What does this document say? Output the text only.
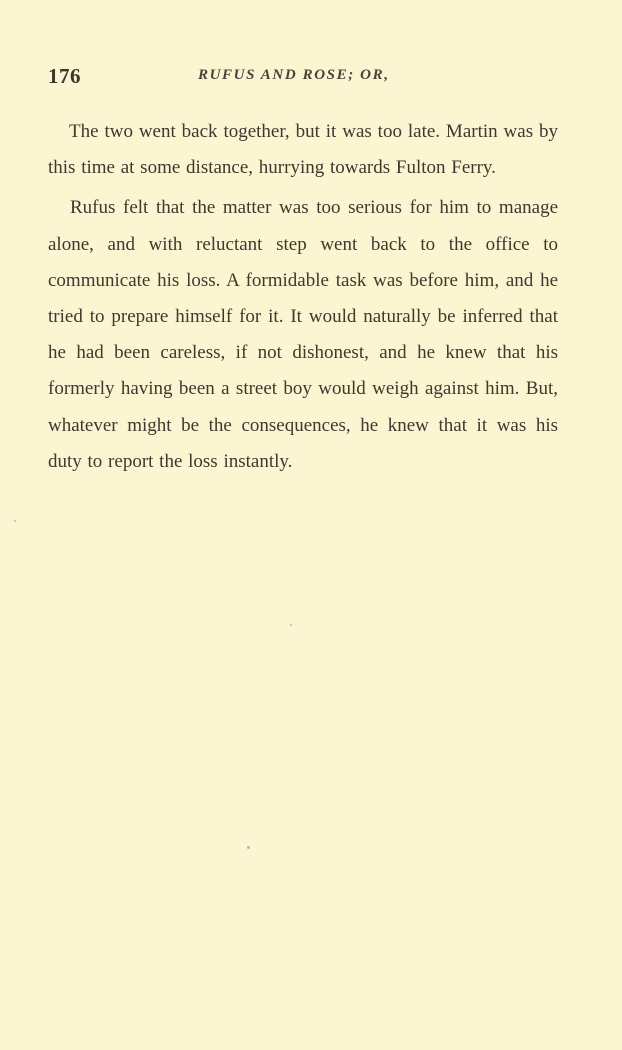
176	RUFUS AND ROSE; OR,

The two went back together, but it was too late. Martin was by this time at some distance, hurrying towards Fulton Ferry.

Rufus felt that the matter was too serious for him to manage alone, and with reluctant step went back to the office to communicate his loss. A formidable task was before him, and he tried to prepare himself for it. It would naturally be inferred that he had been careless, if not dishonest, and he knew that his formerly having been a street boy would weigh against him. But, whatever might be the consequences, he knew that it was his duty to report the loss instantly.
